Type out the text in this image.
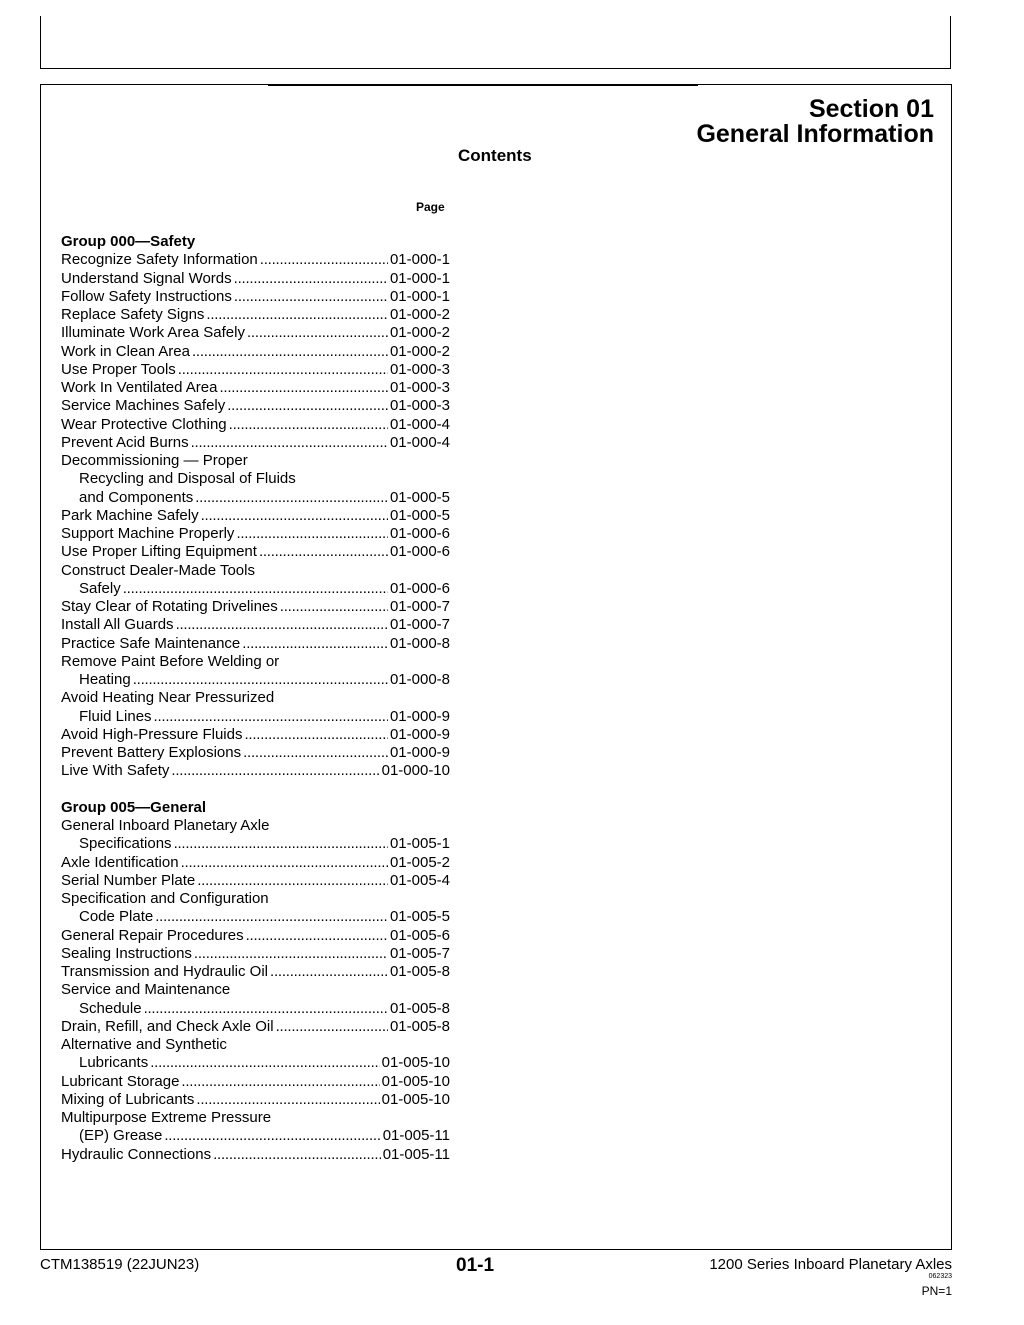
Section 01
General Information
Contents
Page
Group 000—Safety
Recognize Safety Information . . .	01-000-1
Understand Signal Words . . .	01-000-1
Follow Safety Instructions . . .	01-000-1
Replace Safety Signs . . .	01-000-2
Illuminate Work Area Safely . . .	01-000-2
Work in Clean Area . . .	01-000-2
Use Proper Tools . . .	01-000-3
Work In Ventilated Area . . .	01-000-3
Service Machines Safely . . .	01-000-3
Wear Protective Clothing . . .	01-000-4
Prevent Acid Burns . . .	01-000-4
Decommissioning — Proper
Recycling and Disposal of Fluids
and Components . . .	01-000-5
Park Machine Safely . . .	01-000-5
Support Machine Properly . . .	01-000-6
Use Proper Lifting Equipment . . .	01-000-6
Construct Dealer-Made Tools
Safely . . .	01-000-6
Stay Clear of Rotating Drivelines . . .	01-000-7
Install All Guards . . .	01-000-7
Practice Safe Maintenance . . .	01-000-8
Remove Paint Before Welding or
Heating . . .	01-000-8
Avoid Heating Near Pressurized
Fluid Lines . . .	01-000-9
Avoid High-Pressure Fluids . . .	01-000-9
Prevent Battery Explosions . . .	01-000-9
Live With Safety . . .	01-000-10
Group 005—General
General Inboard Planetary Axle
Specifications . . .	01-005-1
Axle Identification . . .	01-005-2
Serial Number Plate . . .	01-005-4
Specification and Configuration
Code Plate . . .	01-005-5
General Repair Procedures . . .	01-005-6
Sealing Instructions . . .	01-005-7
Transmission and Hydraulic Oil . . .	01-005-8
Service and Maintenance
Schedule . . .	01-005-8
Drain, Refill, and Check Axle Oil . . .	01-005-8
Alternative and Synthetic
Lubricants . . .	01-005-10
Lubricant Storage . . .	01-005-10
Mixing of Lubricants . . .	01-005-10
Multipurpose Extreme Pressure
(EP) Grease . . .	01-005-11
Hydraulic Connections . . .	01-005-11
CTM138519 (22JUN23)	01-1	1200 Series Inboard Planetary Axles
062323
PN=1
